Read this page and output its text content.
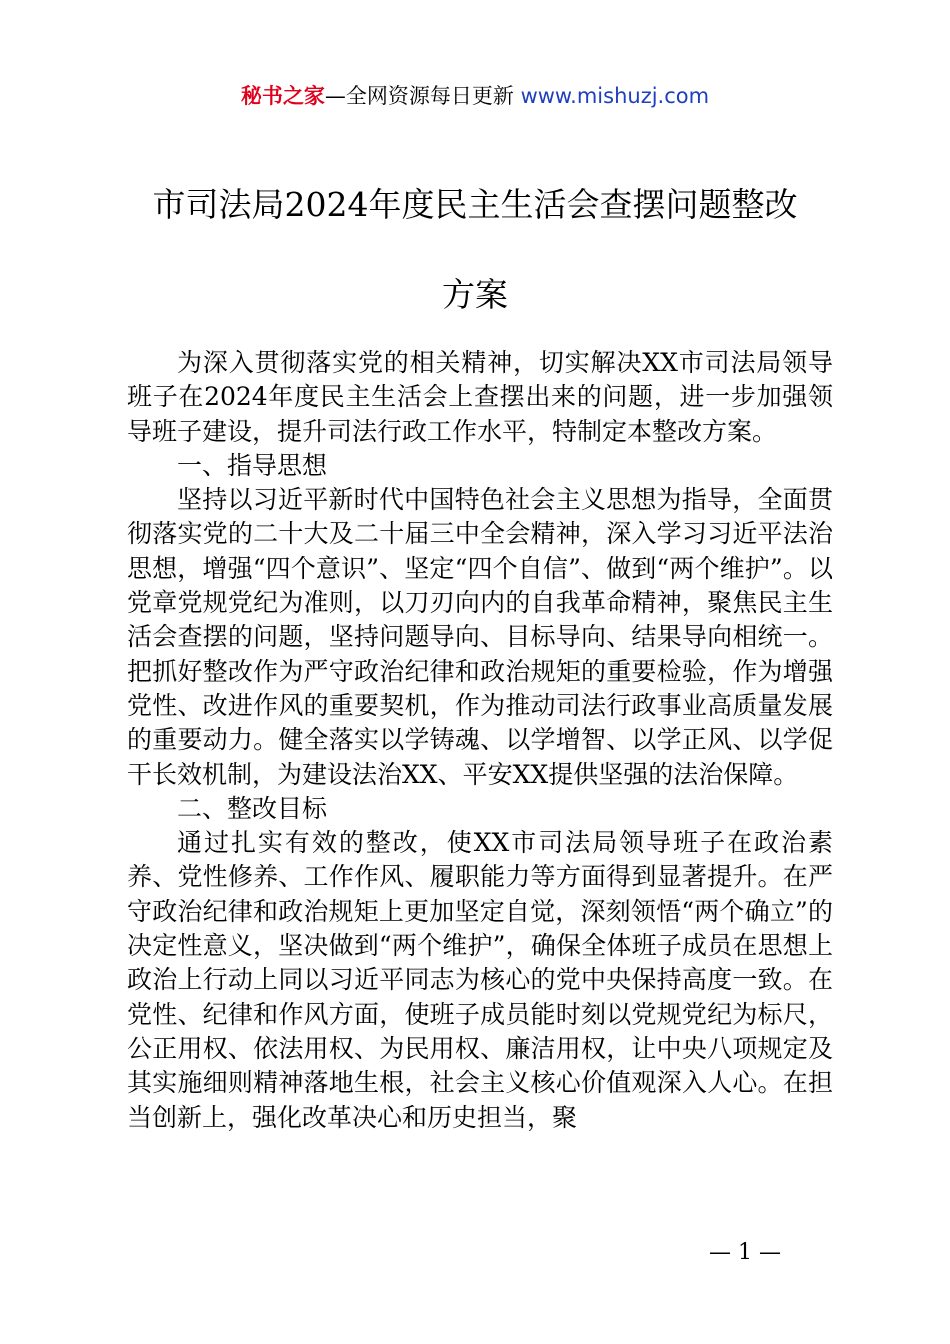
秘书之家—全网资源每日更新 www.mishuzj.com
市司法局2024年度民主生活会查摆问题整改
方案

为深入贯彻落实党的相关精神，切实解决XX市司法局领导班子在2024年度民主生活会上查摆出来的问题，进一步加强领导班子建设，提升司法行政工作水平，特制定本整改方案。

一、指导思想

坚持以习近平新时代中国特色社会主义思想为指导，全面贯彻落实党的二十大及二十届三中全会精神，深入学习习近平法治思想，增强“四个意识”、坚定“四个自信”、做到“两个维护”。以党章党规党纪为准则，以刀刃向内的自我革命精神，聚焦民主生活会查摆的问题，坚持问题导向、目标导向、结果导向相统一。把抓好整改作为严守政治纪律和政治规矩的重要检验，作为增强党性、改进作风的重要契机，作为推动司法行政事业高质量发展的重要动力。健全落实以学铸魂、以学增智、以学正风、以学促干长效机制，为建设法治XX、平安XX提供坚强的法治保障。

二、整改目标

通过扎实有效的整改，使XX市司法局领导班子在政治素养、党性修养、工作作风、履职能力等方面得到显著提升。在严守政治纪律和政治规矩上更加坚定自觉，深刻领悟“两个确立”的决定性意义，坚决做到“两个维护”，确保全体班子成员在思想上政治上行动上同以习近平同志为核心的党中央保持高度一致。在党性、纪律和作风方面，使班子成员能时刻以党规党纪为标尺，公正用权、依法用权、为民用权、廉洁用权，让中央八项规定及其实施细则精神落地生根，社会主义核心价值观深入人心。在担当创新上，强化改革决心和历史担当，聚

— 1 —
